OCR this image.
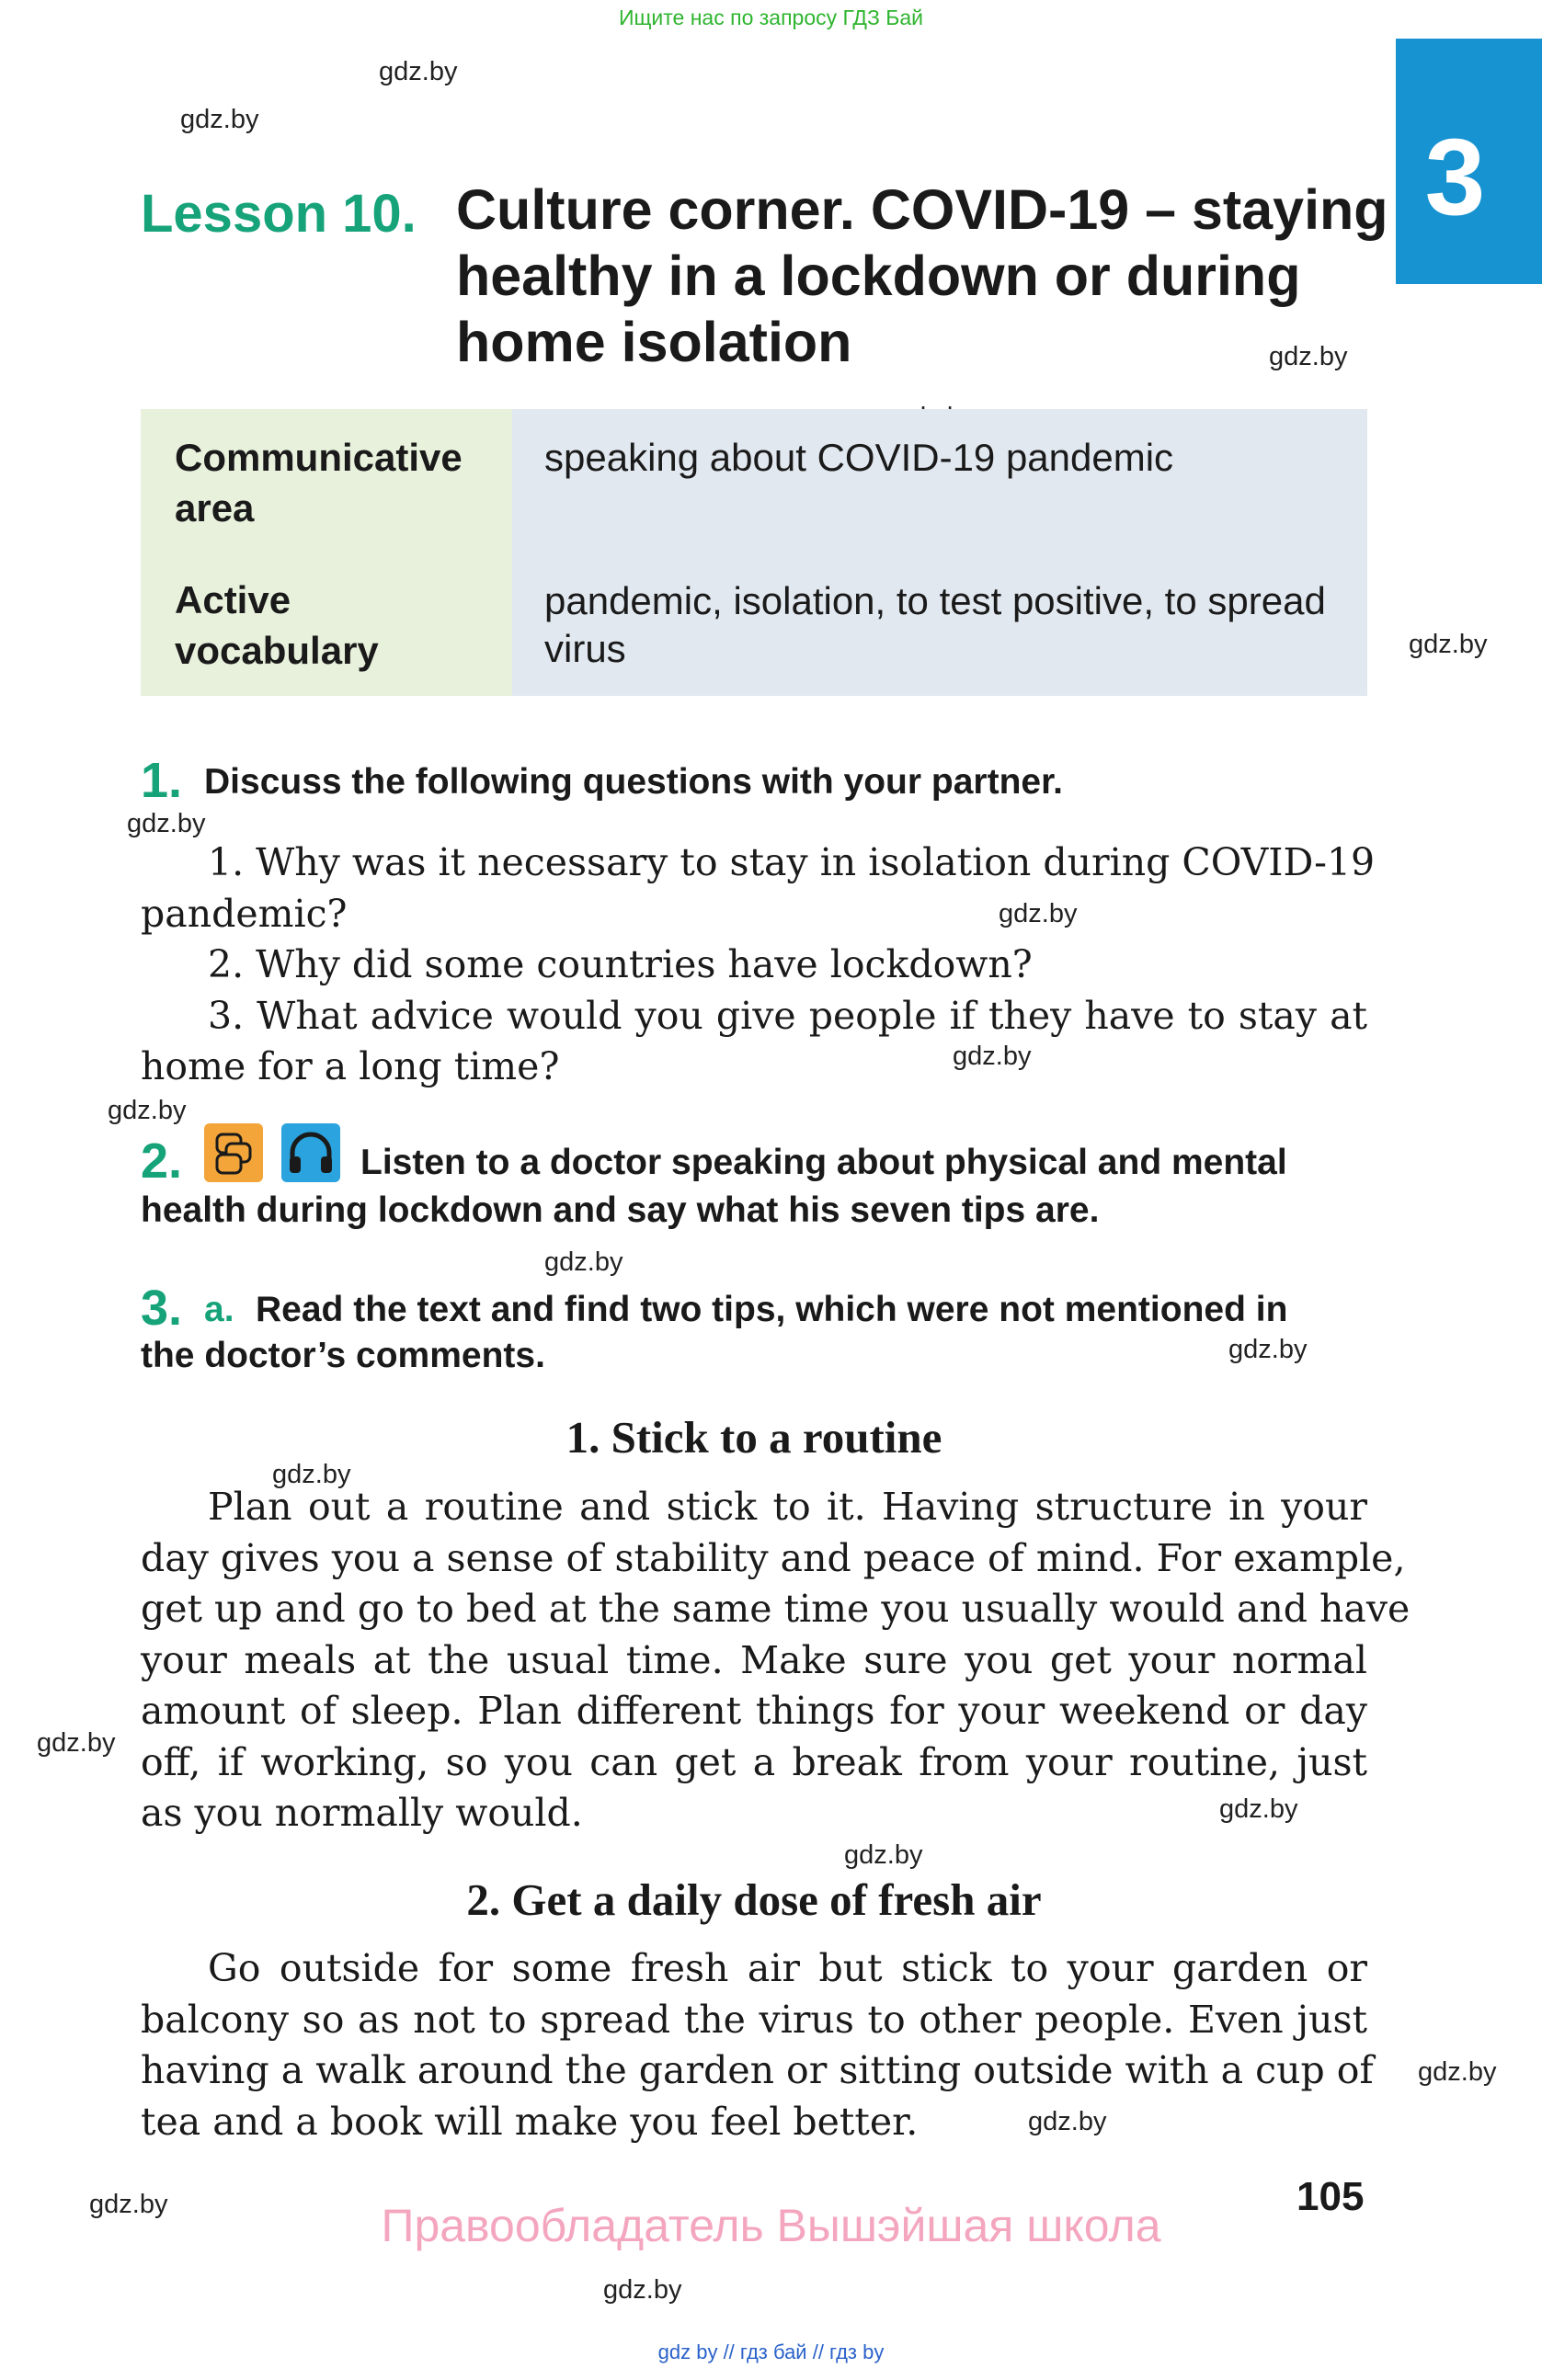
Ищите нас по запросу ГДЗ Бай
3
gdz.by
gdz.by
gdz.by
gdz.by
gdz.by
gdz.by
gdz.by
gdz.by
gdz.by
gdz.by
gdz.by
gdz.by
gdz.by
gdz.by
gdz.by
gdz.by
gdz.by
gdz.by
Lesson 10. Culture corner. COVID-19 – staying
healthy in a lockdown or during
home isolation
Communicative
area
speaking about COVID-19 pandemic
Active
vocabulary
pandemic, isolation, to test positive, to spread
virus
1. Discuss the following questions with your partner.
1. Why was it necessary to stay in isolation during COVID-19
pandemic?
2. Why did some countries have lockdown?
3. What advice would you give people if they have to stay at
home for a long time?
2.	Listen to a doctor speaking about physical and mental
health during lockdown and say what his seven tips are.
3. a. Read the text and find two tips, which were not mentioned in
the doctor’s comments.
1. Stick to a routine
Plan out a routine and stick to it. Having structure in your
day gives you a sense of stability and peace of mind. For example,
get up and go to bed at the same time you usually would and have
your meals at the usual time. Make sure you get your normal
amount of sleep. Plan different things for your weekend or day
off, if working, so you can get a break from your routine, just
as you normally would.
2. Get a daily dose of fresh air
Go outside for some fresh air but stick to your garden or
balcony so as not to spread the virus to other people. Even just
having a walk around the garden or sitting outside with a cup of
tea and a book will make you feel better.
105
Правообладатель Вышэйшая школа
gdz by // гдз бай // гдз by
